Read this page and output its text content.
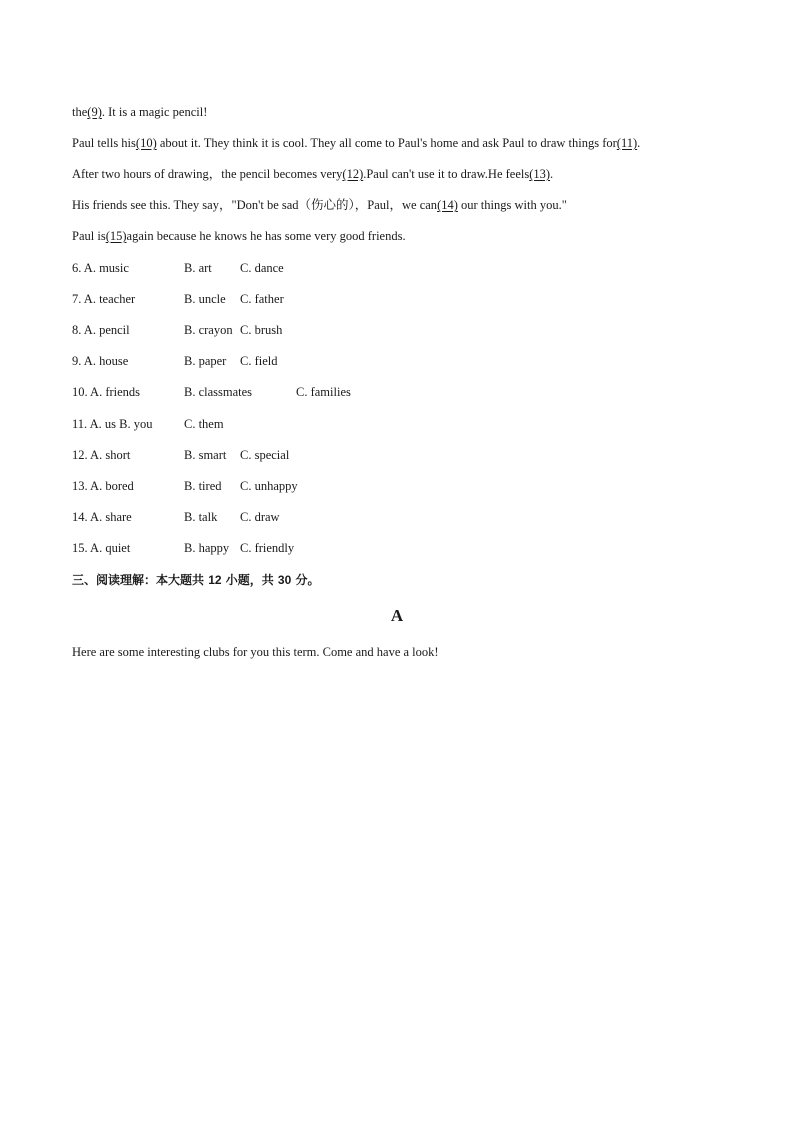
the(9). It is a magic pencil!
Paul tells his(10) about it. They think it is cool. They all come to Paul's home and ask Paul to draw things for(11).
After two hours of drawing，the pencil becomes very(12).Paul can't use it to draw.He feels(13).
His friends see this. They say，"Don't be sad（伤心的），Paul，we can(14) our things with you."
Paul is(15)again because he knows he has some very good friends.
6. A. music	B. art C. dance
7. A. teacher	B. uncle C. father
8. A. pencil	B. crayon C. brush
9. A. house	B. paper C. field
10. A. friends	B. classmates	C. families
11. A. us B. you	C. them
12. A. short	B. smart C. special
13. A. bored	B. tired C. unhappy
14. A. share	B. talk C. draw
15. A. quiet	B. happy C. friendly
三、阅读理解：本大题共 12 小题，共 30 分。
A
Here are some interesting clubs for you this term. Come and have a look!
